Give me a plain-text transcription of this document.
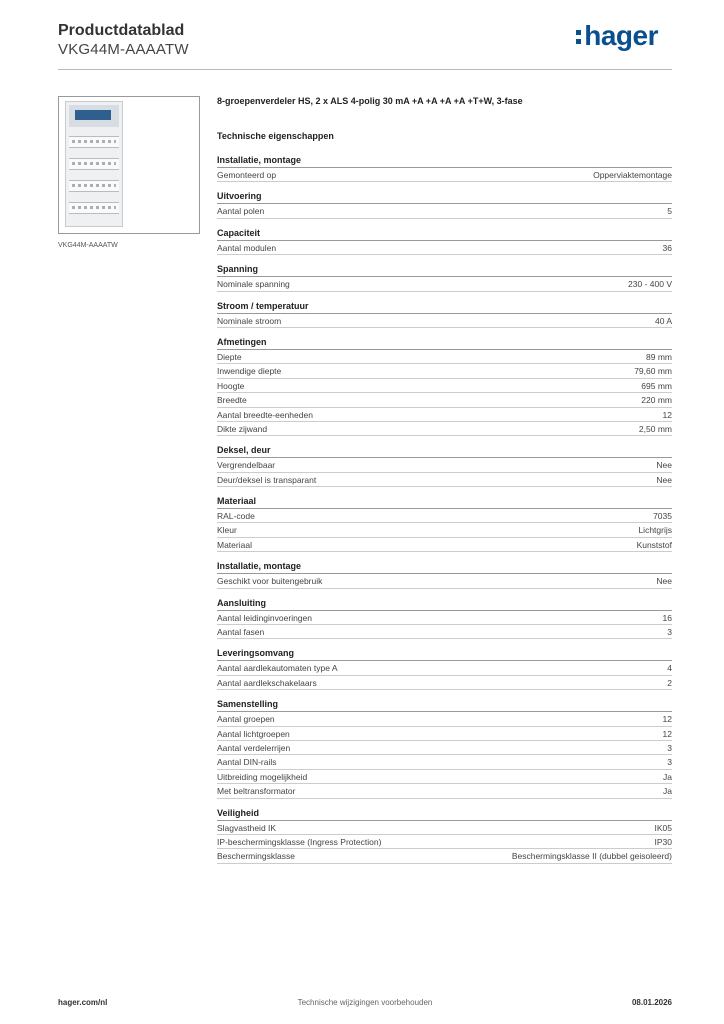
Productdatablad
VKG44M-AAAATW	hager
VKG44M-AAAATW
8-groepenverdeler HS, 2 x ALS 4-polig 30 mA +A +A +A +A +T+W, 3-fase
Technische eigenschappen
Installatie, montage
Gemonteerd op	Opperviaktemontage
Uitvoering
Aantal polen	5
Capaciteit
Aantal modulen	36
Spanning
Nominale spanning	230 - 400 V
Stroom / temperatuur
Nominale stroom	40 A
Afmetingen
Diepte	89 mm
Inwendige diepte	79,60 mm
Hoogte	695 mm
Breedte	220 mm
Aantal breedte-eenheden	12
Dikte zijwand	2,50 mm
Deksel, deur
Vergrendelbaar	Nee
Deur/deksel is transparant	Nee
Materiaal
RAL-code	7035
Kleur	Lichtgrijs
Materiaal	Kunststof
Installatie, montage
Geschikt voor buitengebruik	Nee
Aansluiting
Aantal leidinginvoeringen	16
Aantal fasen	3
Leveringsomvang
Aantal aardlekautomaten type A	4
Aantal aardlekschakelaars	2
Samenstelling
Aantal groepen	12
Aantal lichtgroepen	12
Aantal verdelerrijen	3
Aantal DIN-rails	3
Uitbreiding mogelijkheid	Ja
Met beltransformator	Ja
Veiligheid
Slagvastheid IK	IK05
IP-beschermingsklasse (Ingress Protection)	IP30
Beschermingsklasse	Beschermingsklasse II (dubbel geisoleerd)
hager.com/nl	Technische wijzigingen voorbehouden	08.01.2026
